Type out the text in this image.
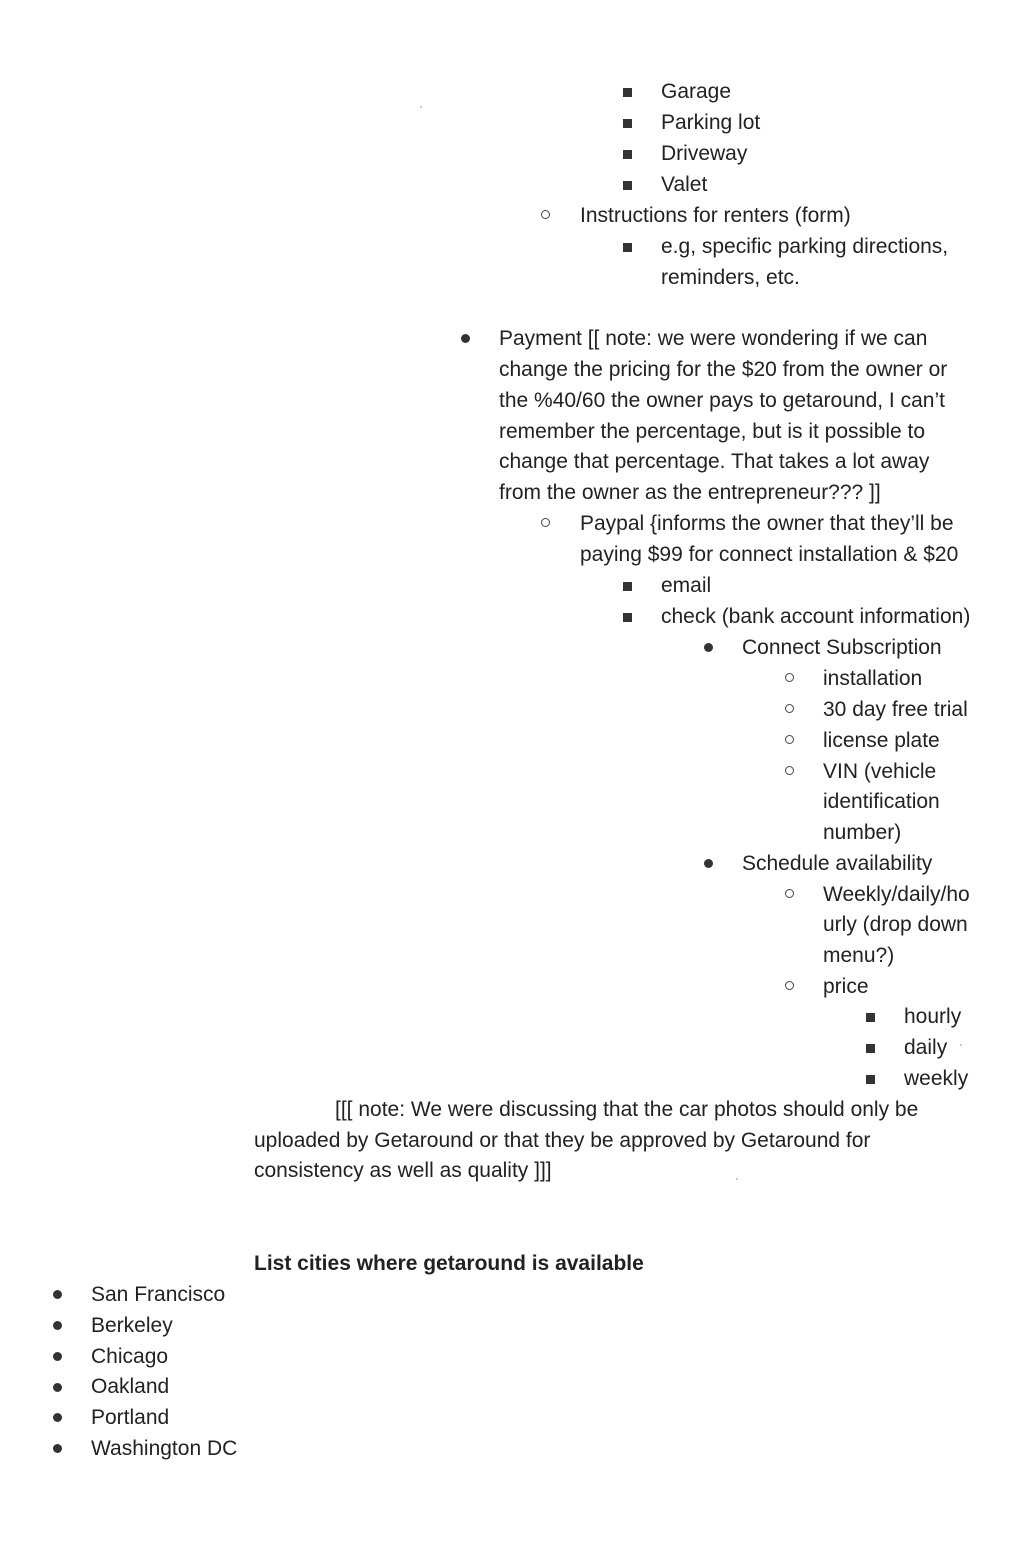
Garage
Parking lot
Driveway
Valet
Instructions for renters (form)
e.g, specific parking directions,
reminders, etc.
Payment [[ note: we were wondering if we can
change the pricing for the $20 from the owner or
the %40/60 the owner pays to getaround, I can’t
remember the percentage, but is it possible to
change that percentage. That takes a lot away
from the owner as the entrepreneur??? ]]
Paypal {informs the owner that they’ll be
paying $99 for connect installation & $20
email
check (bank account information)
Connect Subscription
installation
30 day free trial
license plate
VIN (vehicle
identification
number)
Schedule availability
Weekly/daily/ho
urly (drop down
menu?)
price
hourly
daily
weekly
[[[ note: We were discussing that the car photos should only be
uploaded by Getaround or that they be approved by Getaround for
consistency as well as quality ]]]
List cities where getaround is available
San Francisco
Berkeley
Chicago
Oakland
Portland
Washington DC
